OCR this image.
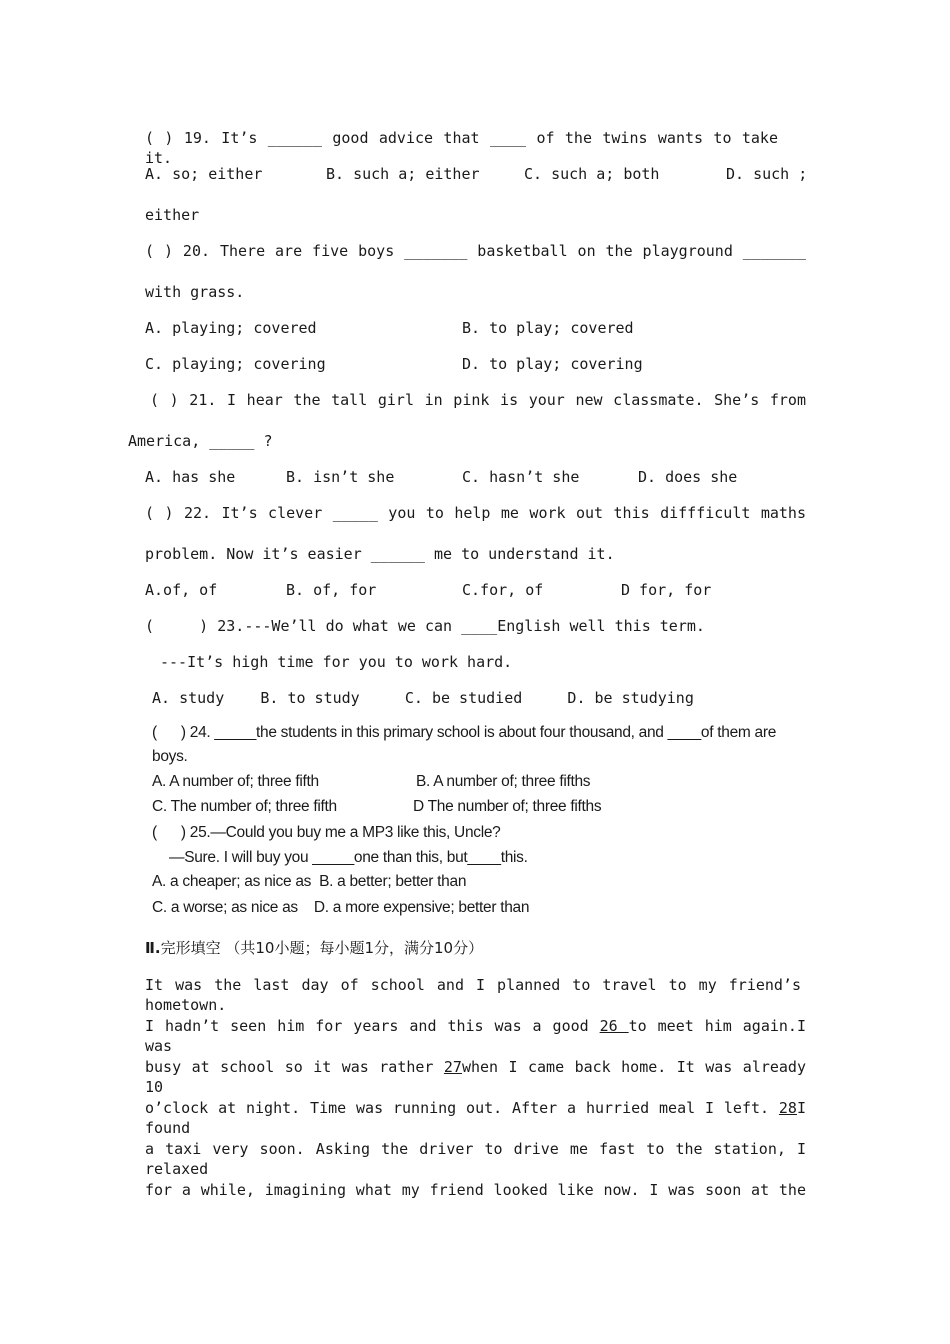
( ) 19. It’s ______ good advice that ____ of the twins wants to take it.
A. so; either	B. such a; either	C. such a; both	D. such ;
either
( ) 20. There are five boys _______ basketball on the playground _______
with grass.
A. playing; covered	B. to play; covered
C. playing; covering	D. to play; covering
( ) 21. I hear the tall girl in pink is your new classmate. She’s from
America, _____ ?
A. has she	B. isn’t she	C. hasn’t she	D. does she
( ) 22. It’s clever _____ you to help me work out this diffficult maths
problem. Now it’s easier ______ me to understand it.
A.of, of	B. of, for	C.for, of	D for, for
(     ) 23.---We’ll do what we can ____English well this term.
---It’s high time for you to work hard.
A. study    B. to study     C. be studied     D. be studying
(      ) 24. _____the students in this primary school is about four thousand, and ____of them are
boys.
A. A number of; three fifth	B. A number of; three fifths
C. The number of; three fifth	D The number of; three fifths
(      ) 25.—Could you buy me a MP3 like this, Uncle?
—Sure. I will buy you _____one than this, but____this.
A. a cheaper; as nice as  B. a better; better than
C. a worse; as nice as    D. a more expensive; better than
Ⅱ.完形填空 （共10小题；每小题1分，满分10分）
It was the last day of school and I planned to travel to my friend’s hometown.
I hadn’t seen him for years and this was a good 26 to meet him again.I was
busy at school so it was rather 27when I came back home. It was already 10
o’clock at night. Time was running out. After a hurried meal I left. 28I found
a taxi very soon. Asking the driver to drive me fast to the station, I relaxed
for a while, imagining what my friend looked like now. I was soon at the
